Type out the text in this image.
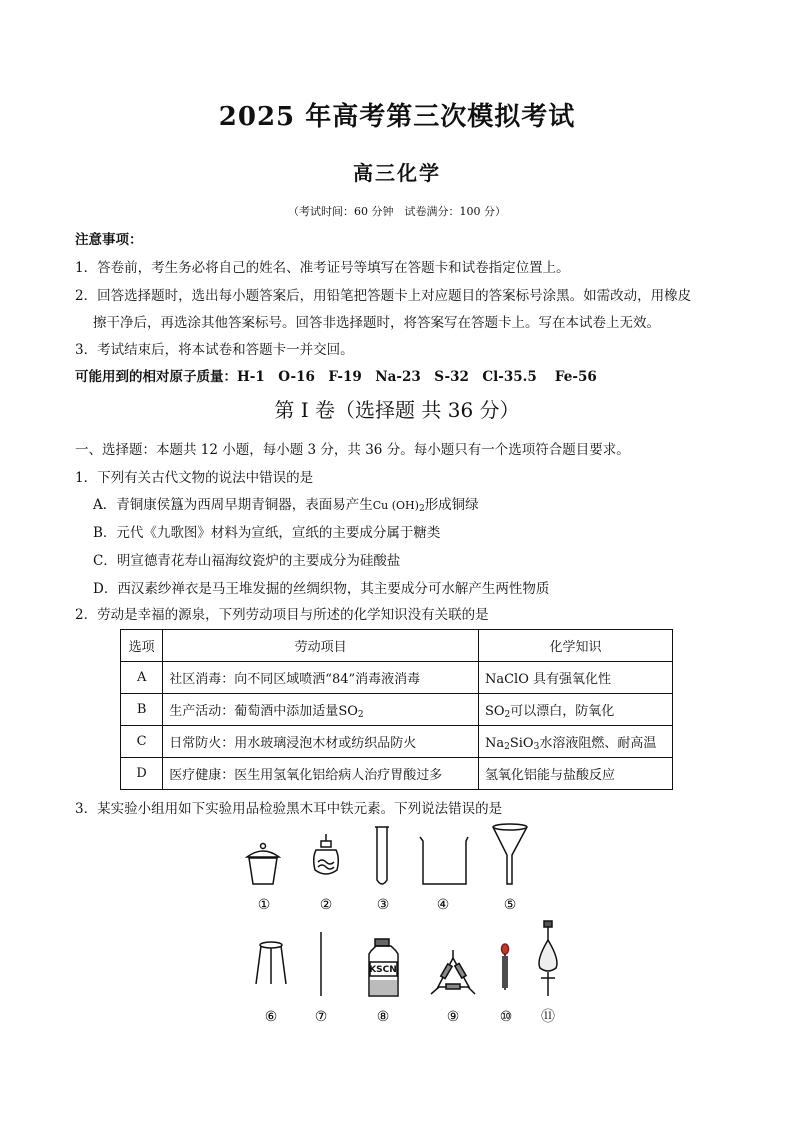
2025 年高考第三次模拟考试
高三化学
（考试时间：60 分钟　试卷满分：100 分）
注意事项：
1．答卷前，考生务必将自己的姓名、准考证号等填写在答题卡和试卷指定位置上。
2．回答选择题时，选出每小题答案后，用铅笔把答题卡上对应题目的答案标号涂黑。如需改动，用橡皮
擦干净后，再选涂其他答案标号。回答非选择题时，将答案写在答题卡上。写在本试卷上无效。
3．考试结束后，将本试卷和答题卡一并交回。
可能用到的相对原子质量：H-1　O-16　F-19　Na-23　S-32　Cl-35.5　 Fe-56
第 I 卷（选择题 共 36 分）
一、选择题：本题共 12 小题，每小题 3 分，共 36 分。每小题只有一个选项符合题目要求。
1．下列有关古代文物的说法中错误的是
A．青铜康侯簋为西周早期青铜器，表面易产生Cu $(OH)_2$形成铜绿
B．元代《九歌图》材料为宣纸，宣纸的主要成分属于糖类
C．明宣德青花寿山福海纹瓷炉的主要成分为硅酸盐
D．西汉素纱禅衣是马王堆发掘的丝绸织物，其主要成分可水解产生两性物质
2．劳动是幸福的源泉，下列劳动项目与所述的化学知识没有关联的是
选项	劳动项目	化学知识
A	社区消毒：向不同区域喷洒“84”消毒液消毒	NaClO 具有强氧化性
B	生产活动：葡萄酒中添加适量$SO_2$	$SO_2$可以漂白，防氧化
C	日常防火：用水玻璃浸泡木材或纺织品防火	$Na_2SiO_3$水溶液阻燃、耐高温
D	医疗健康：医生用氢氧化铝给病人治疗胃酸过多	氢氧化铝能与盐酸反应
3．某实验小组用如下实验用品检验黑木耳中铁元素。下列说法错误的是
KSCN
①	②	③	④	⑤
⑥	⑦	⑧	⑨	⑩ ⑪
